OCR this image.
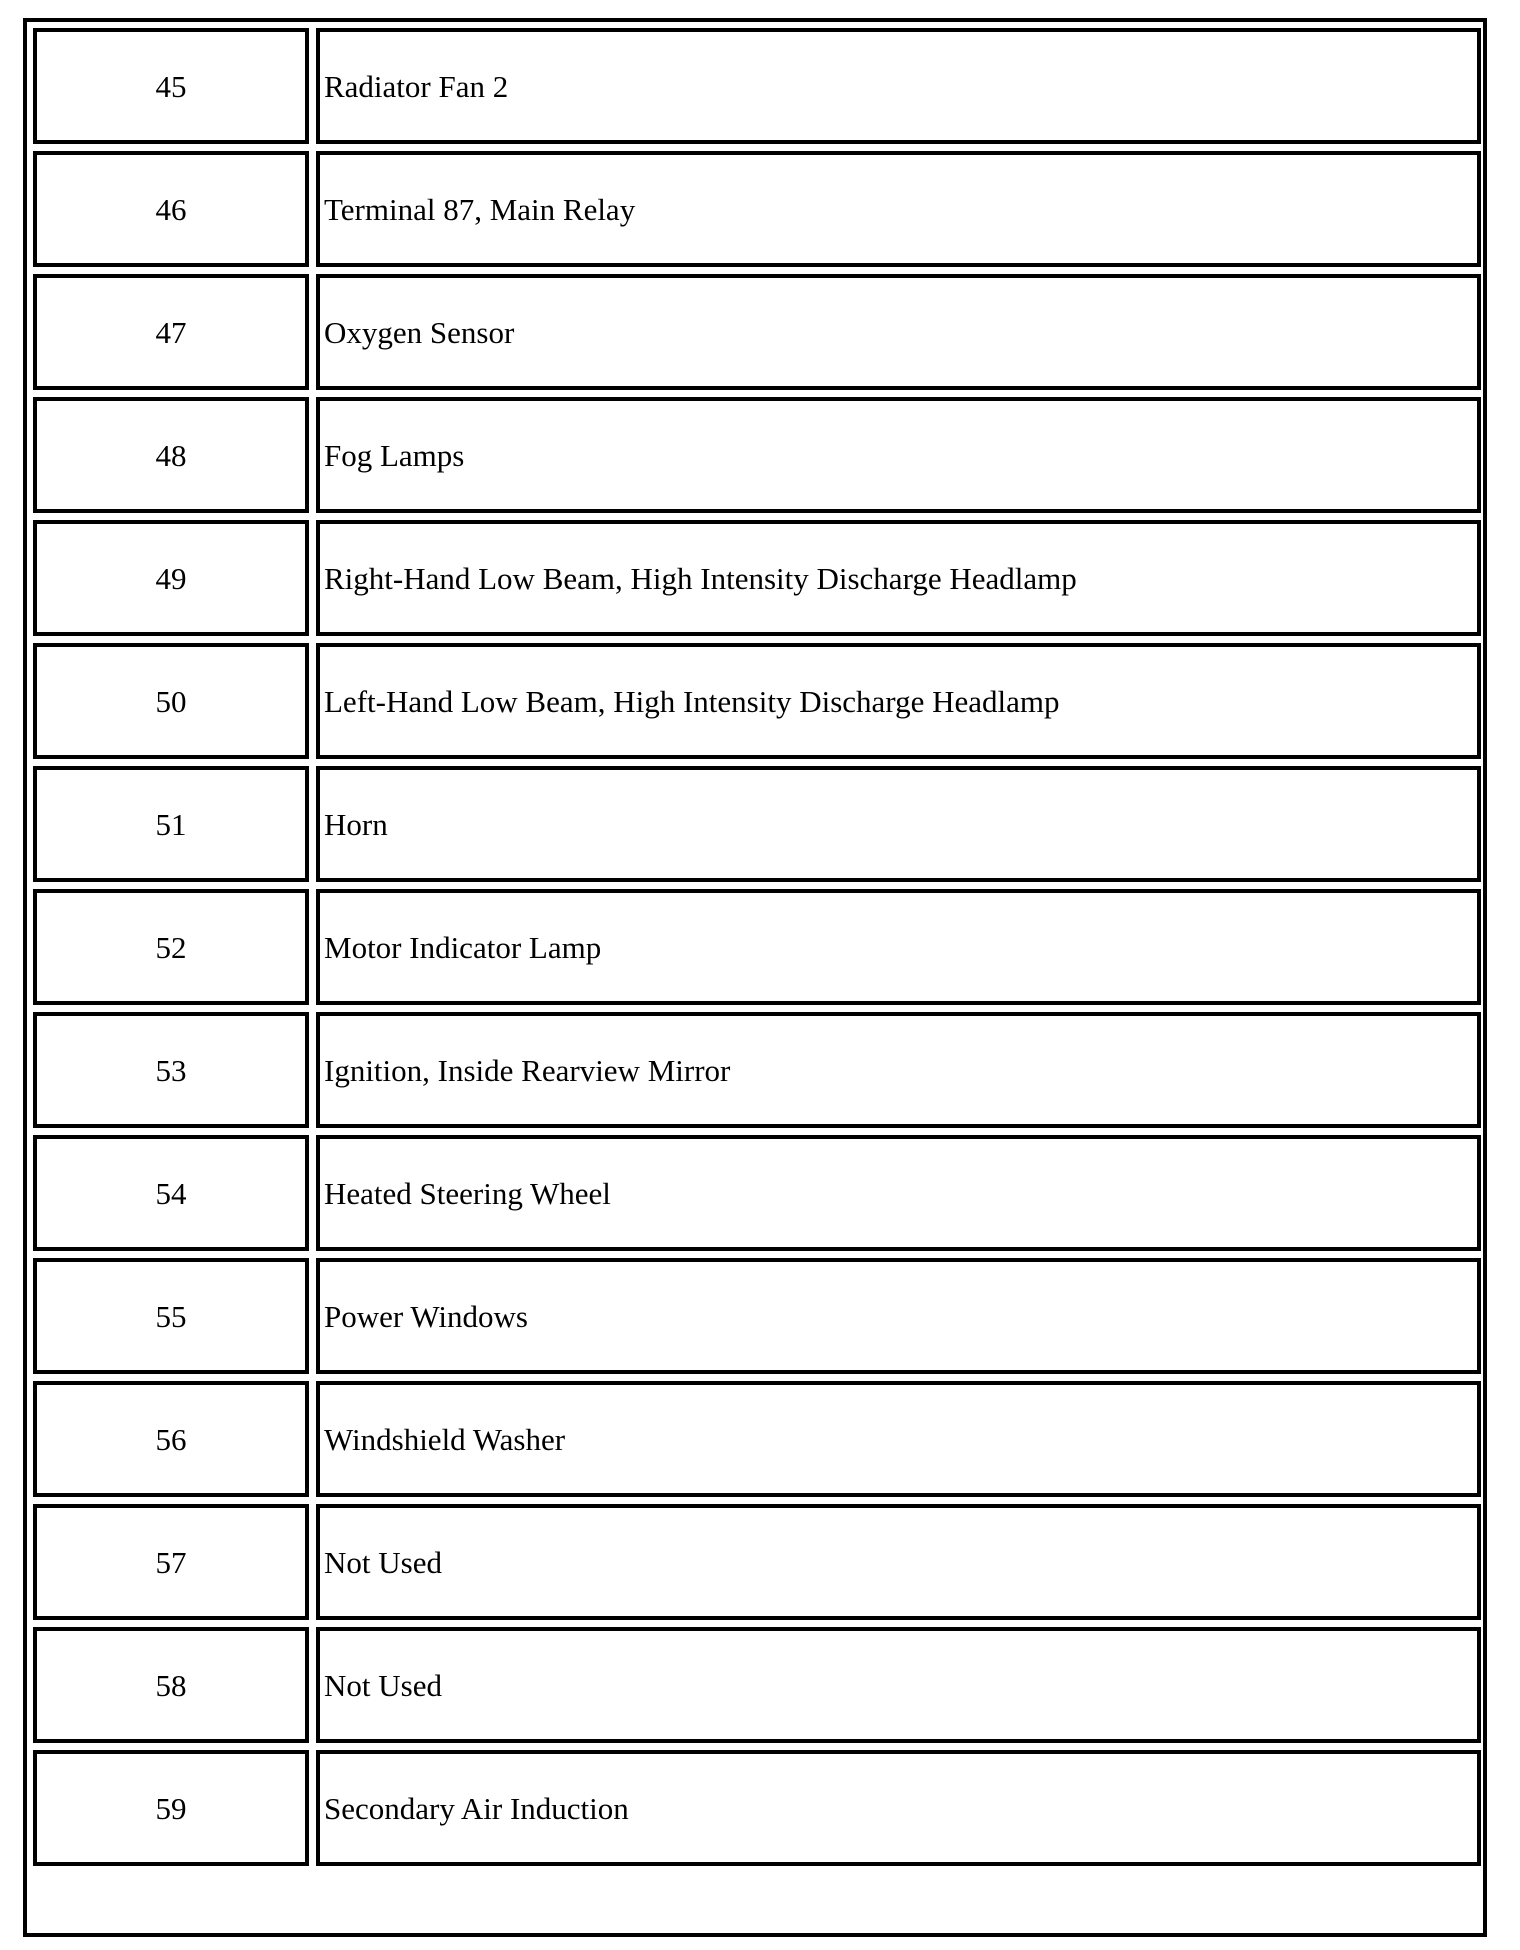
45		Radiator Fan 2
46		Terminal 87, Main Relay
47		Oxygen Sensor
48		Fog Lamps
49		Right-Hand Low Beam, High Intensity Discharge Headlamp
50		Left-Hand Low Beam, High Intensity Discharge Headlamp
51		Horn
52		Motor Indicator Lamp
53		Ignition, Inside Rearview Mirror
54		Heated Steering Wheel
55		Power Windows
56		Windshield Washer
57		Not Used
58		Not Used
59		Secondary Air Induction
